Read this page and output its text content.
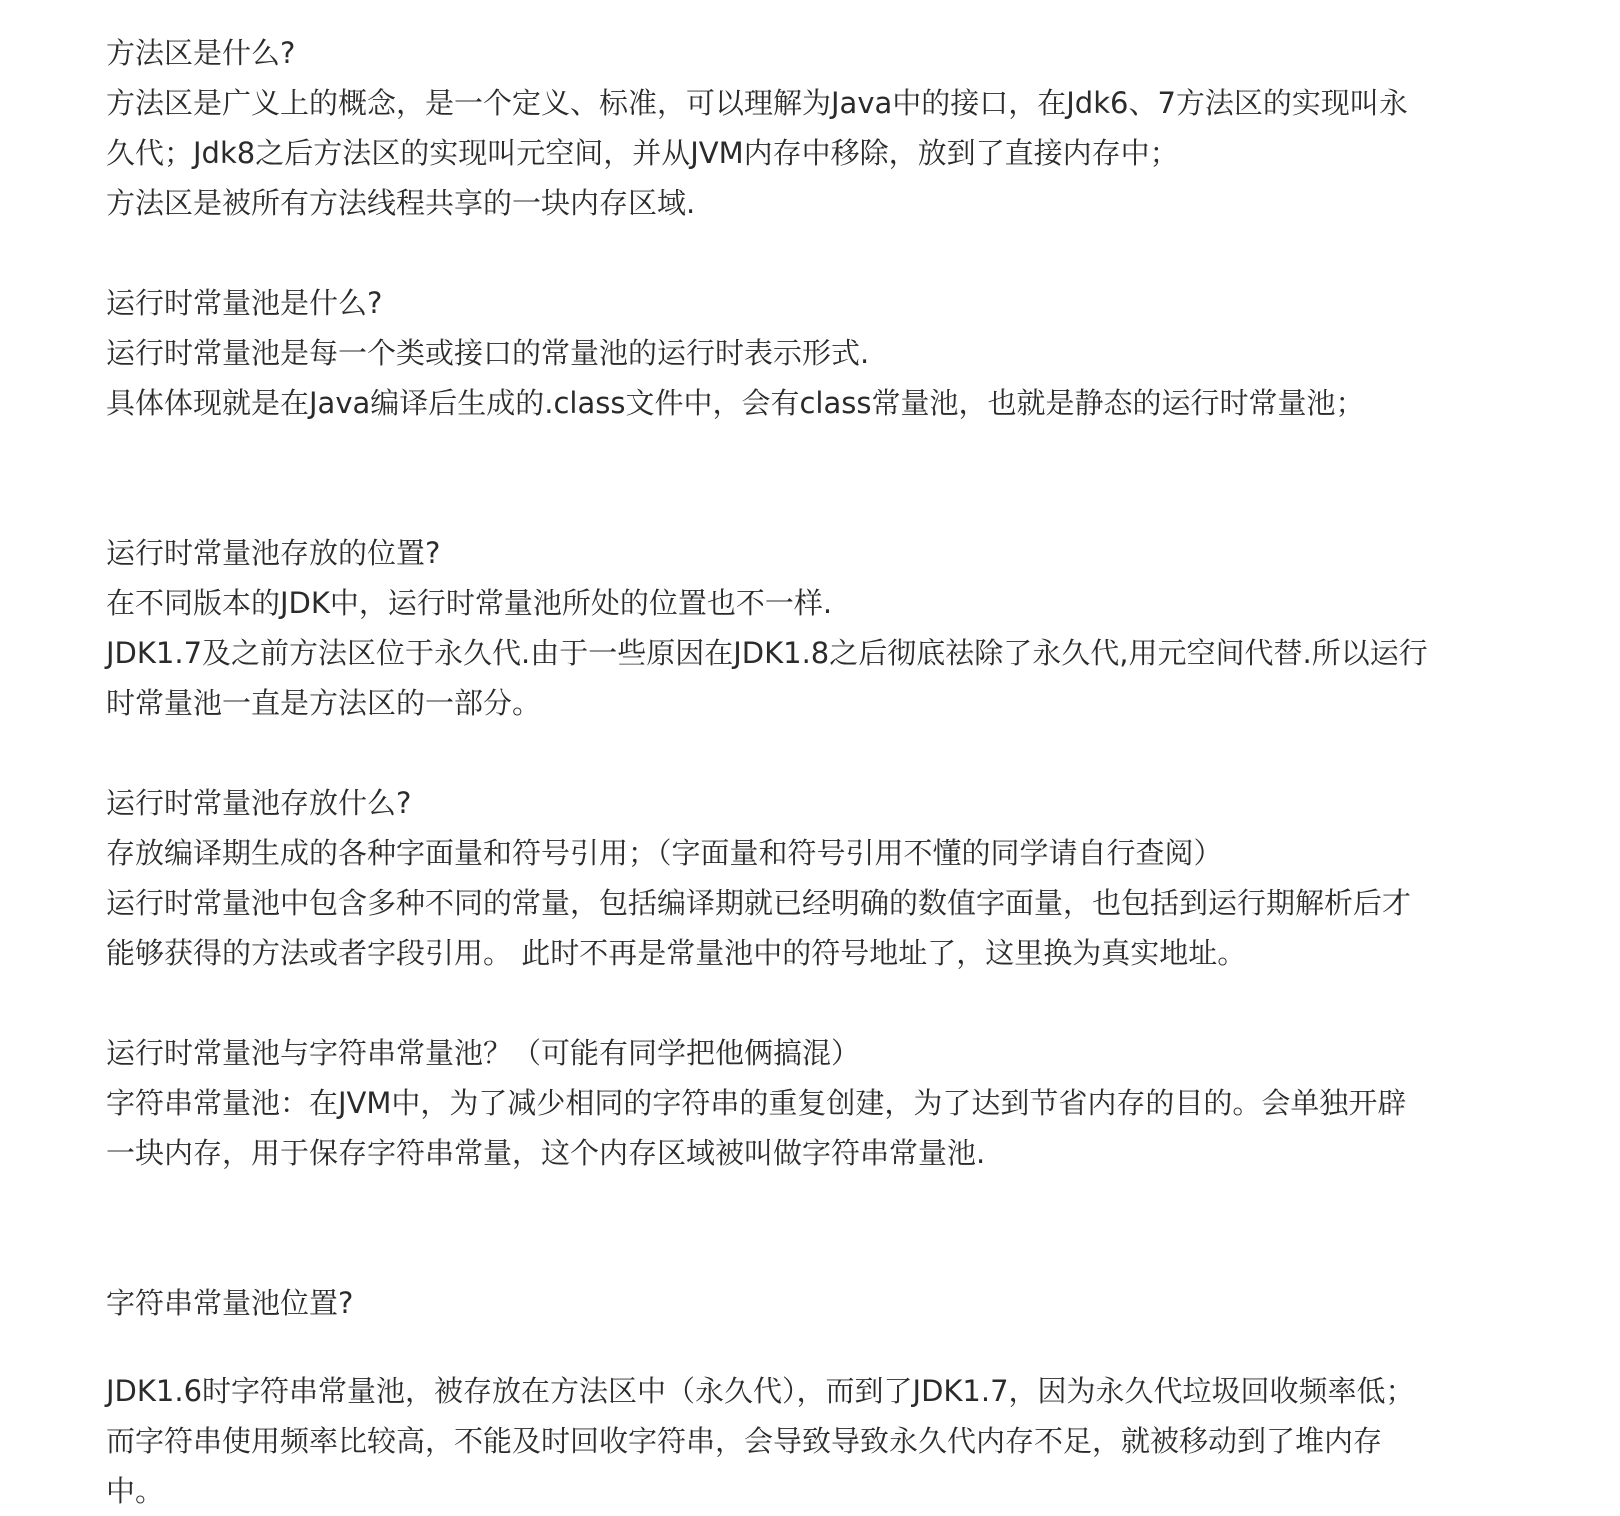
方法区是什么?
方法区是广义上的概念，是一个定义、标准，可以理解为Java中的接口，在Jdk6、7方法区的实现叫永
久代；Jdk8之后方法区的实现叫元空间，并从JVM内存中移除，放到了直接内存中；
方法区是被所有方法线程共享的一块内存区域.
运行时常量池是什么?
运行时常量池是每一个类或接口的常量池的运行时表示形式.
具体体现就是在Java编译后生成的.class文件中，会有class常量池，也就是静态的运行时常量池；
运行时常量池存放的位置?
在不同版本的JDK中，运行时常量池所处的位置也不一样.
JDK1.7及之前方法区位于永久代.由于一些原因在JDK1.8之后彻底祛除了永久代,用元空间代替.所以运行
时常量池一直是方法区的一部分。
运行时常量池存放什么?
存放编译期生成的各种字面量和符号引用；（字面量和符号引用不懂的同学请自行查阅）
运行时常量池中包含多种不同的常量，包括编译期就已经明确的数值字面量，也包括到运行期解析后才
能够获得的方法或者字段引用。 此时不再是常量池中的符号地址了，这里换为真实地址。
运行时常量池与字符串常量池？（可能有同学把他俩搞混）
字符串常量池：在JVM中，为了减少相同的字符串的重复创建，为了达到节省内存的目的。会单独开辟
一块内存，用于保存字符串常量，这个内存区域被叫做字符串常量池.
字符串常量池位置?
JDK1.6时字符串常量池，被存放在方法区中（永久代），而到了JDK1.7，因为永久代垃圾回收频率低；
而字符串使用频率比较高，不能及时回收字符串，会导致导致永久代内存不足，就被移动到了堆内存
中。
